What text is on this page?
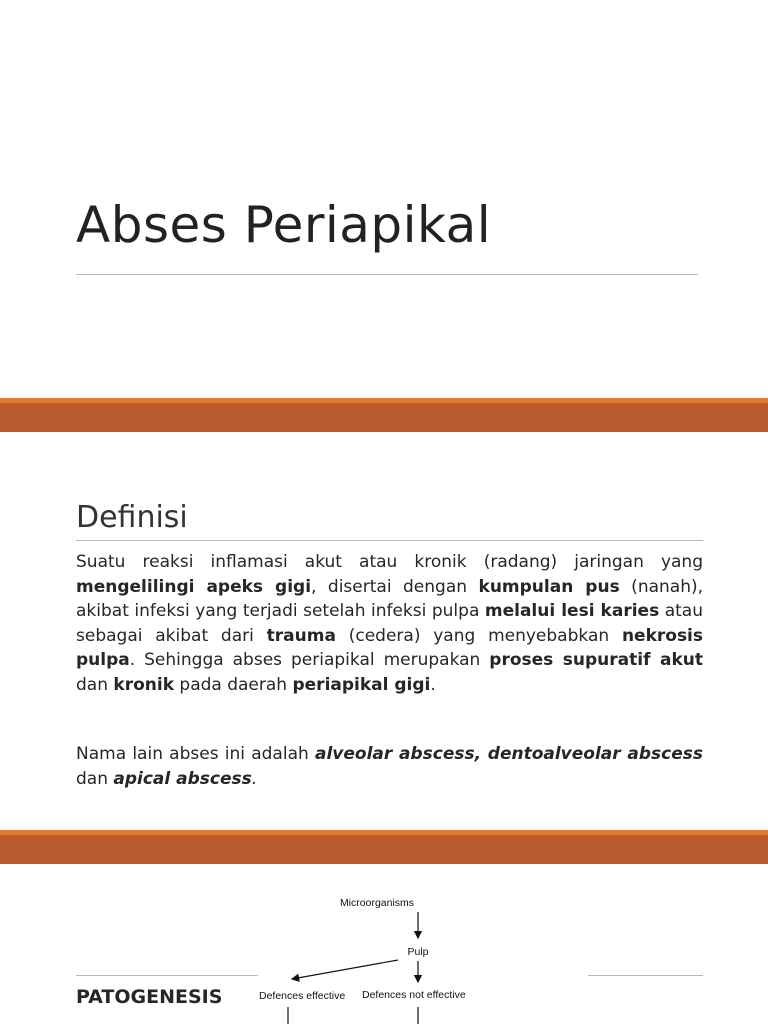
Abses Periapikal
Definisi

Suatu reaksi inflamasi akut atau kronik (radang) jaringan yang mengelilingi apeks gigi, disertai dengan kumpulan pus (nanah), akibat infeksi yang terjadi setelah infeksi pulpa melalui lesi karies atau sebagai akibat dari trauma (cedera) yang menyebabkan nekrosis pulpa. Sehingga abses periapikal merupakan proses supuratif akut dan kronik pada daerah periapikal gigi.

Nama lain abses ini adalah alveolar abscess, dentoalveolar abscess dan apical abscess.

PATOGENESIS
Microorganisms
Pulp
Defences effective Defences not effective
